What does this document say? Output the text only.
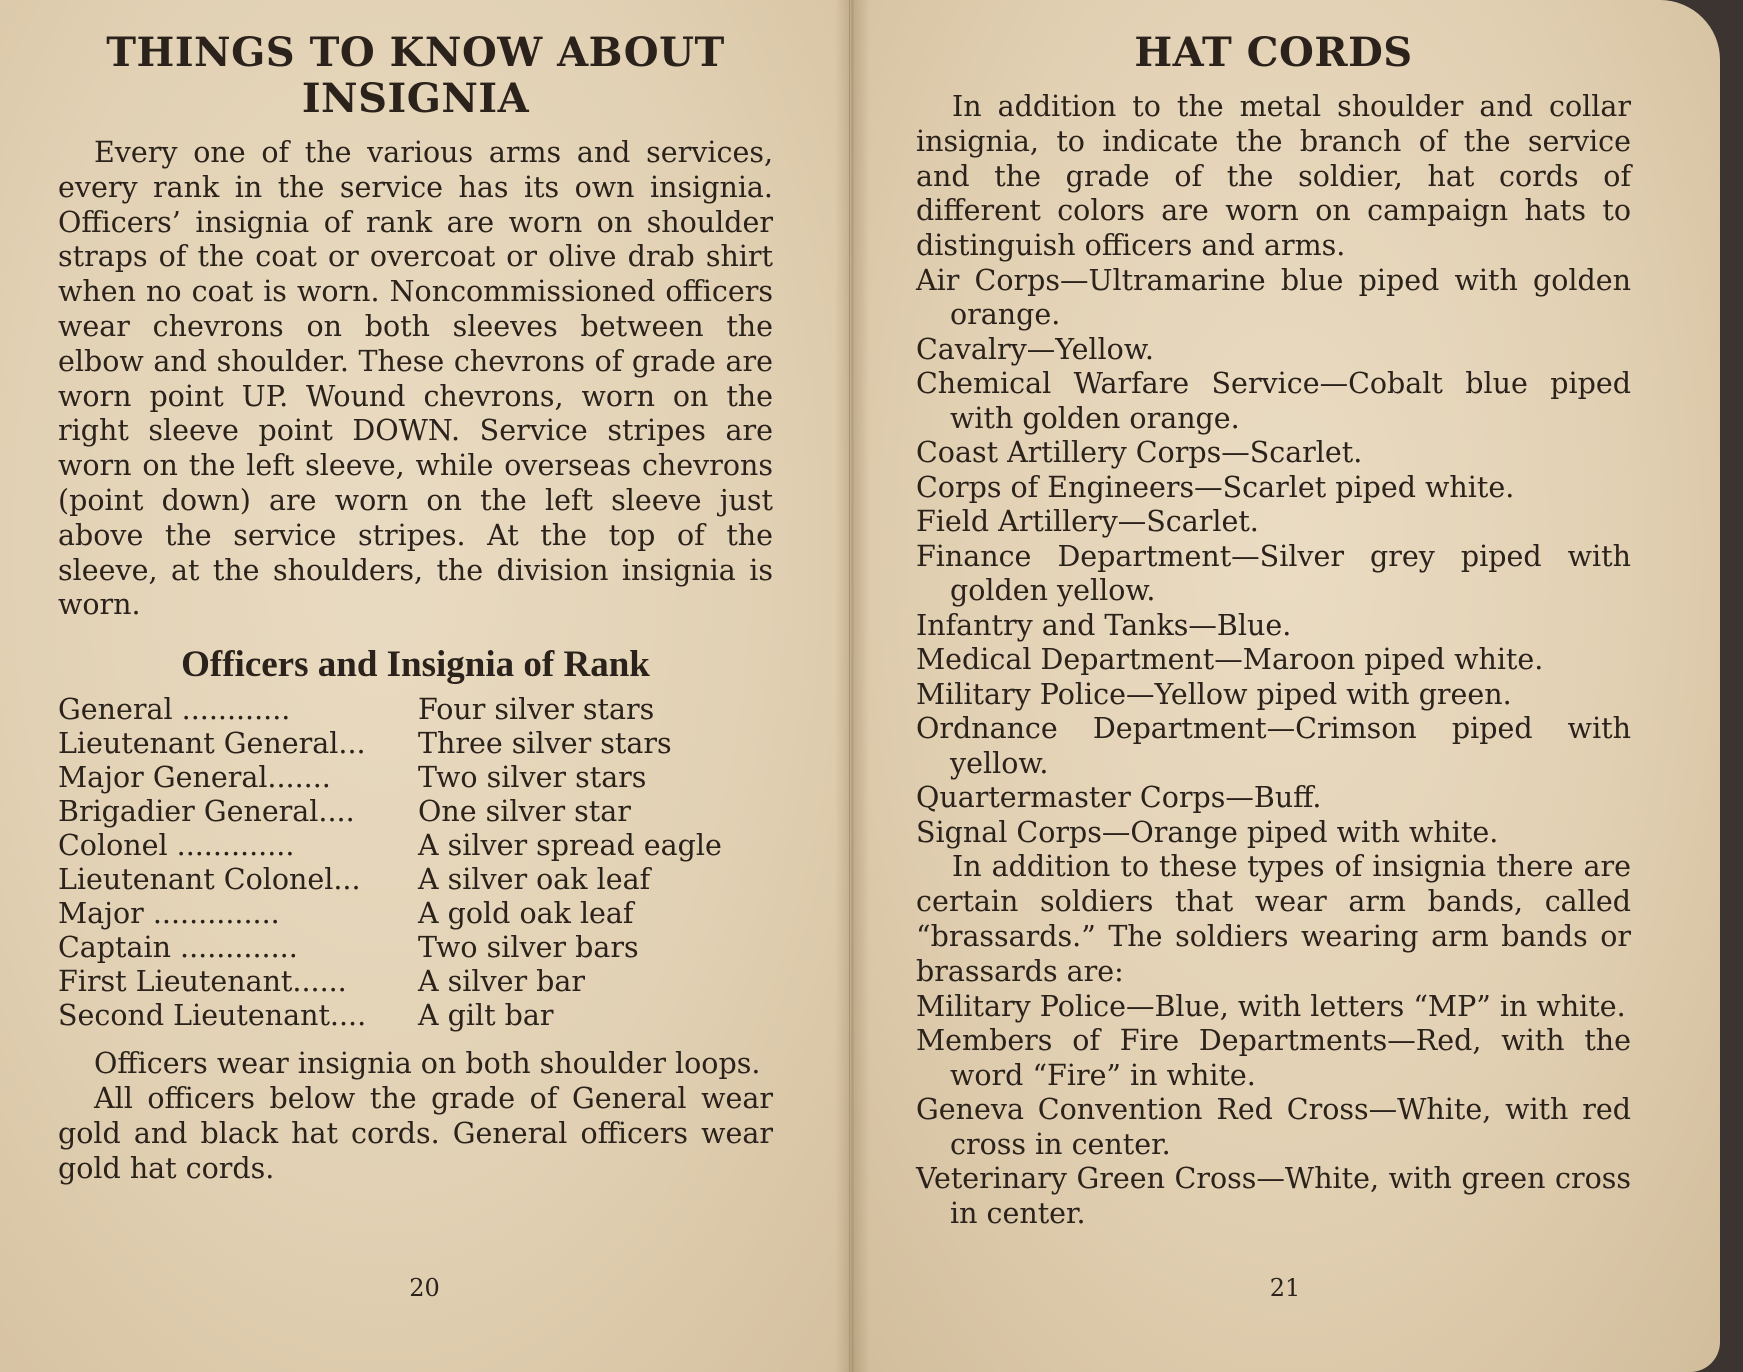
THINGS TO KNOW ABOUT
INSIGNIA

Every one of the various arms and services, every rank in the service has its own insignia. Officers’ insignia of rank are worn on shoulder straps of the coat or overcoat or olive drab shirt when no coat is worn. Noncommissioned officers wear chevrons on both sleeves between the elbow and shoulder. These chevrons of grade are worn point UP. Wound chevrons, worn on the right sleeve point DOWN. Service stripes are worn on the left sleeve, while overseas chevrons (point down) are worn on the left sleeve just above the service stripes. At the top of the sleeve, at the shoulders, the division insignia is worn.

Officers and Insignia of Rank
General ............	Four silver stars
Lieutenant General...	Three silver stars
Major General.......	Two silver stars
Brigadier General....	One silver star
Colonel .............	A silver spread eagle
Lieutenant Colonel...	A silver oak leaf
Major ..............	A gold oak leaf
Captain .............	Two silver bars
First Lieutenant......	A silver bar
Second Lieutenant....	A gilt bar

Officers wear insignia on both shoulder loops.

All officers below the grade of General wear gold and black hat cords. General officers wear gold hat cords.

20
HAT CORDS

In addition to the metal shoulder and collar insignia, to indicate the branch of the service and the grade of the soldier, hat cords of different colors are worn on campaign hats to distinguish officers and arms.

Air Corps—Ultramarine blue piped with golden orange.

Cavalry—Yellow.

Chemical Warfare Service—Cobalt blue piped with golden orange.

Coast Artillery Corps—Scarlet.

Corps of Engineers—Scarlet piped white.

Field Artillery—Scarlet.

Finance Department—Silver grey piped with golden yellow.

Infantry and Tanks—Blue.

Medical Department—Maroon piped white.

Military Police—Yellow piped with green.

Ordnance Department—Crimson piped with yellow.

Quartermaster Corps—Buff.

Signal Corps—Orange piped with white.

In addition to these types of insignia there are certain soldiers that wear arm bands, called “brassards.” The soldiers wearing arm bands or brassards are:

Military Police—Blue, with letters “MP” in white.

Members of Fire Departments—Red, with the word “Fire” in white.

Geneva Convention Red Cross—White, with red cross in center.

Veterinary Green Cross—White, with green cross in center.

21
